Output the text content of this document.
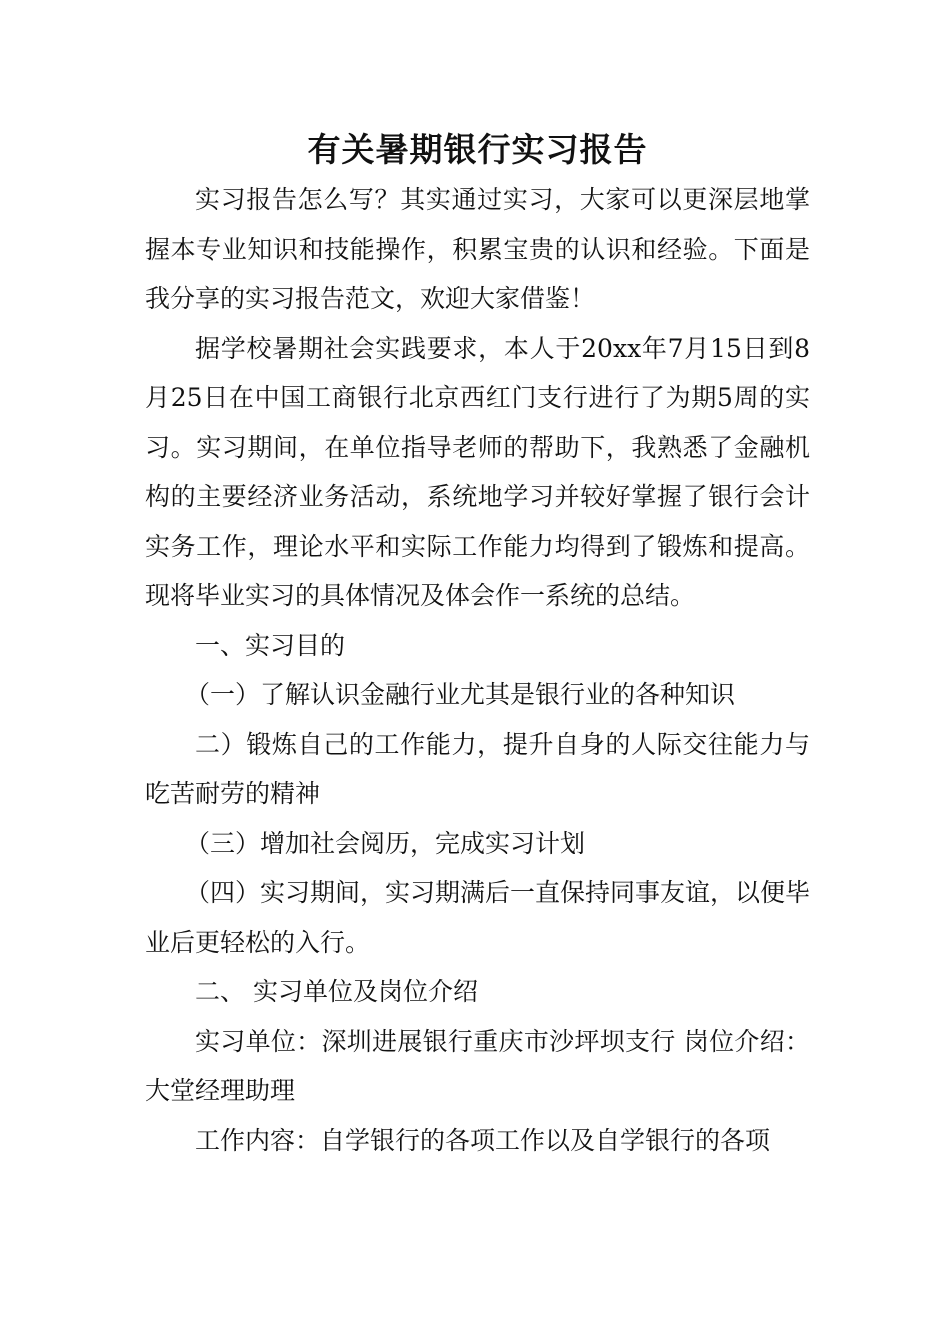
有关暑期银行实习报告

实习报告怎么写？其实通过实习，大家可以更深层地掌握本专业知识和技能操作，积累宝贵的认识和经验。下面是我分享的实习报告范文，欢迎大家借鉴！

据学校暑期社会实践要求，本人于20xx年7月15日到8月25日在中国工商银行北京西红门支行进行了为期5周的实习。实习期间，在单位指导老师的帮助下，我熟悉了金融机构的主要经济业务活动，系统地学习并较好掌握了银行会计实务工作，理论水平和实际工作能力均得到了锻炼和提高。现将毕业实习的具体情况及体会作一系统的总结。

一、实习目的

（一）了解认识金融行业尤其是银行业的各种知识

二）锻炼自己的工作能力，提升自身的人际交往能力与吃苦耐劳的精神

（三）增加社会阅历，完成实习计划

（四）实习期间，实习期满后一直保持同事友谊，以便毕业后更轻松的入行。

二、 实习单位及岗位介绍

实习单位：深圳进展银行重庆市沙坪坝支行 岗位介绍：大堂经理助理

工作内容：自学银行的各项工作以及自学银行的各项
